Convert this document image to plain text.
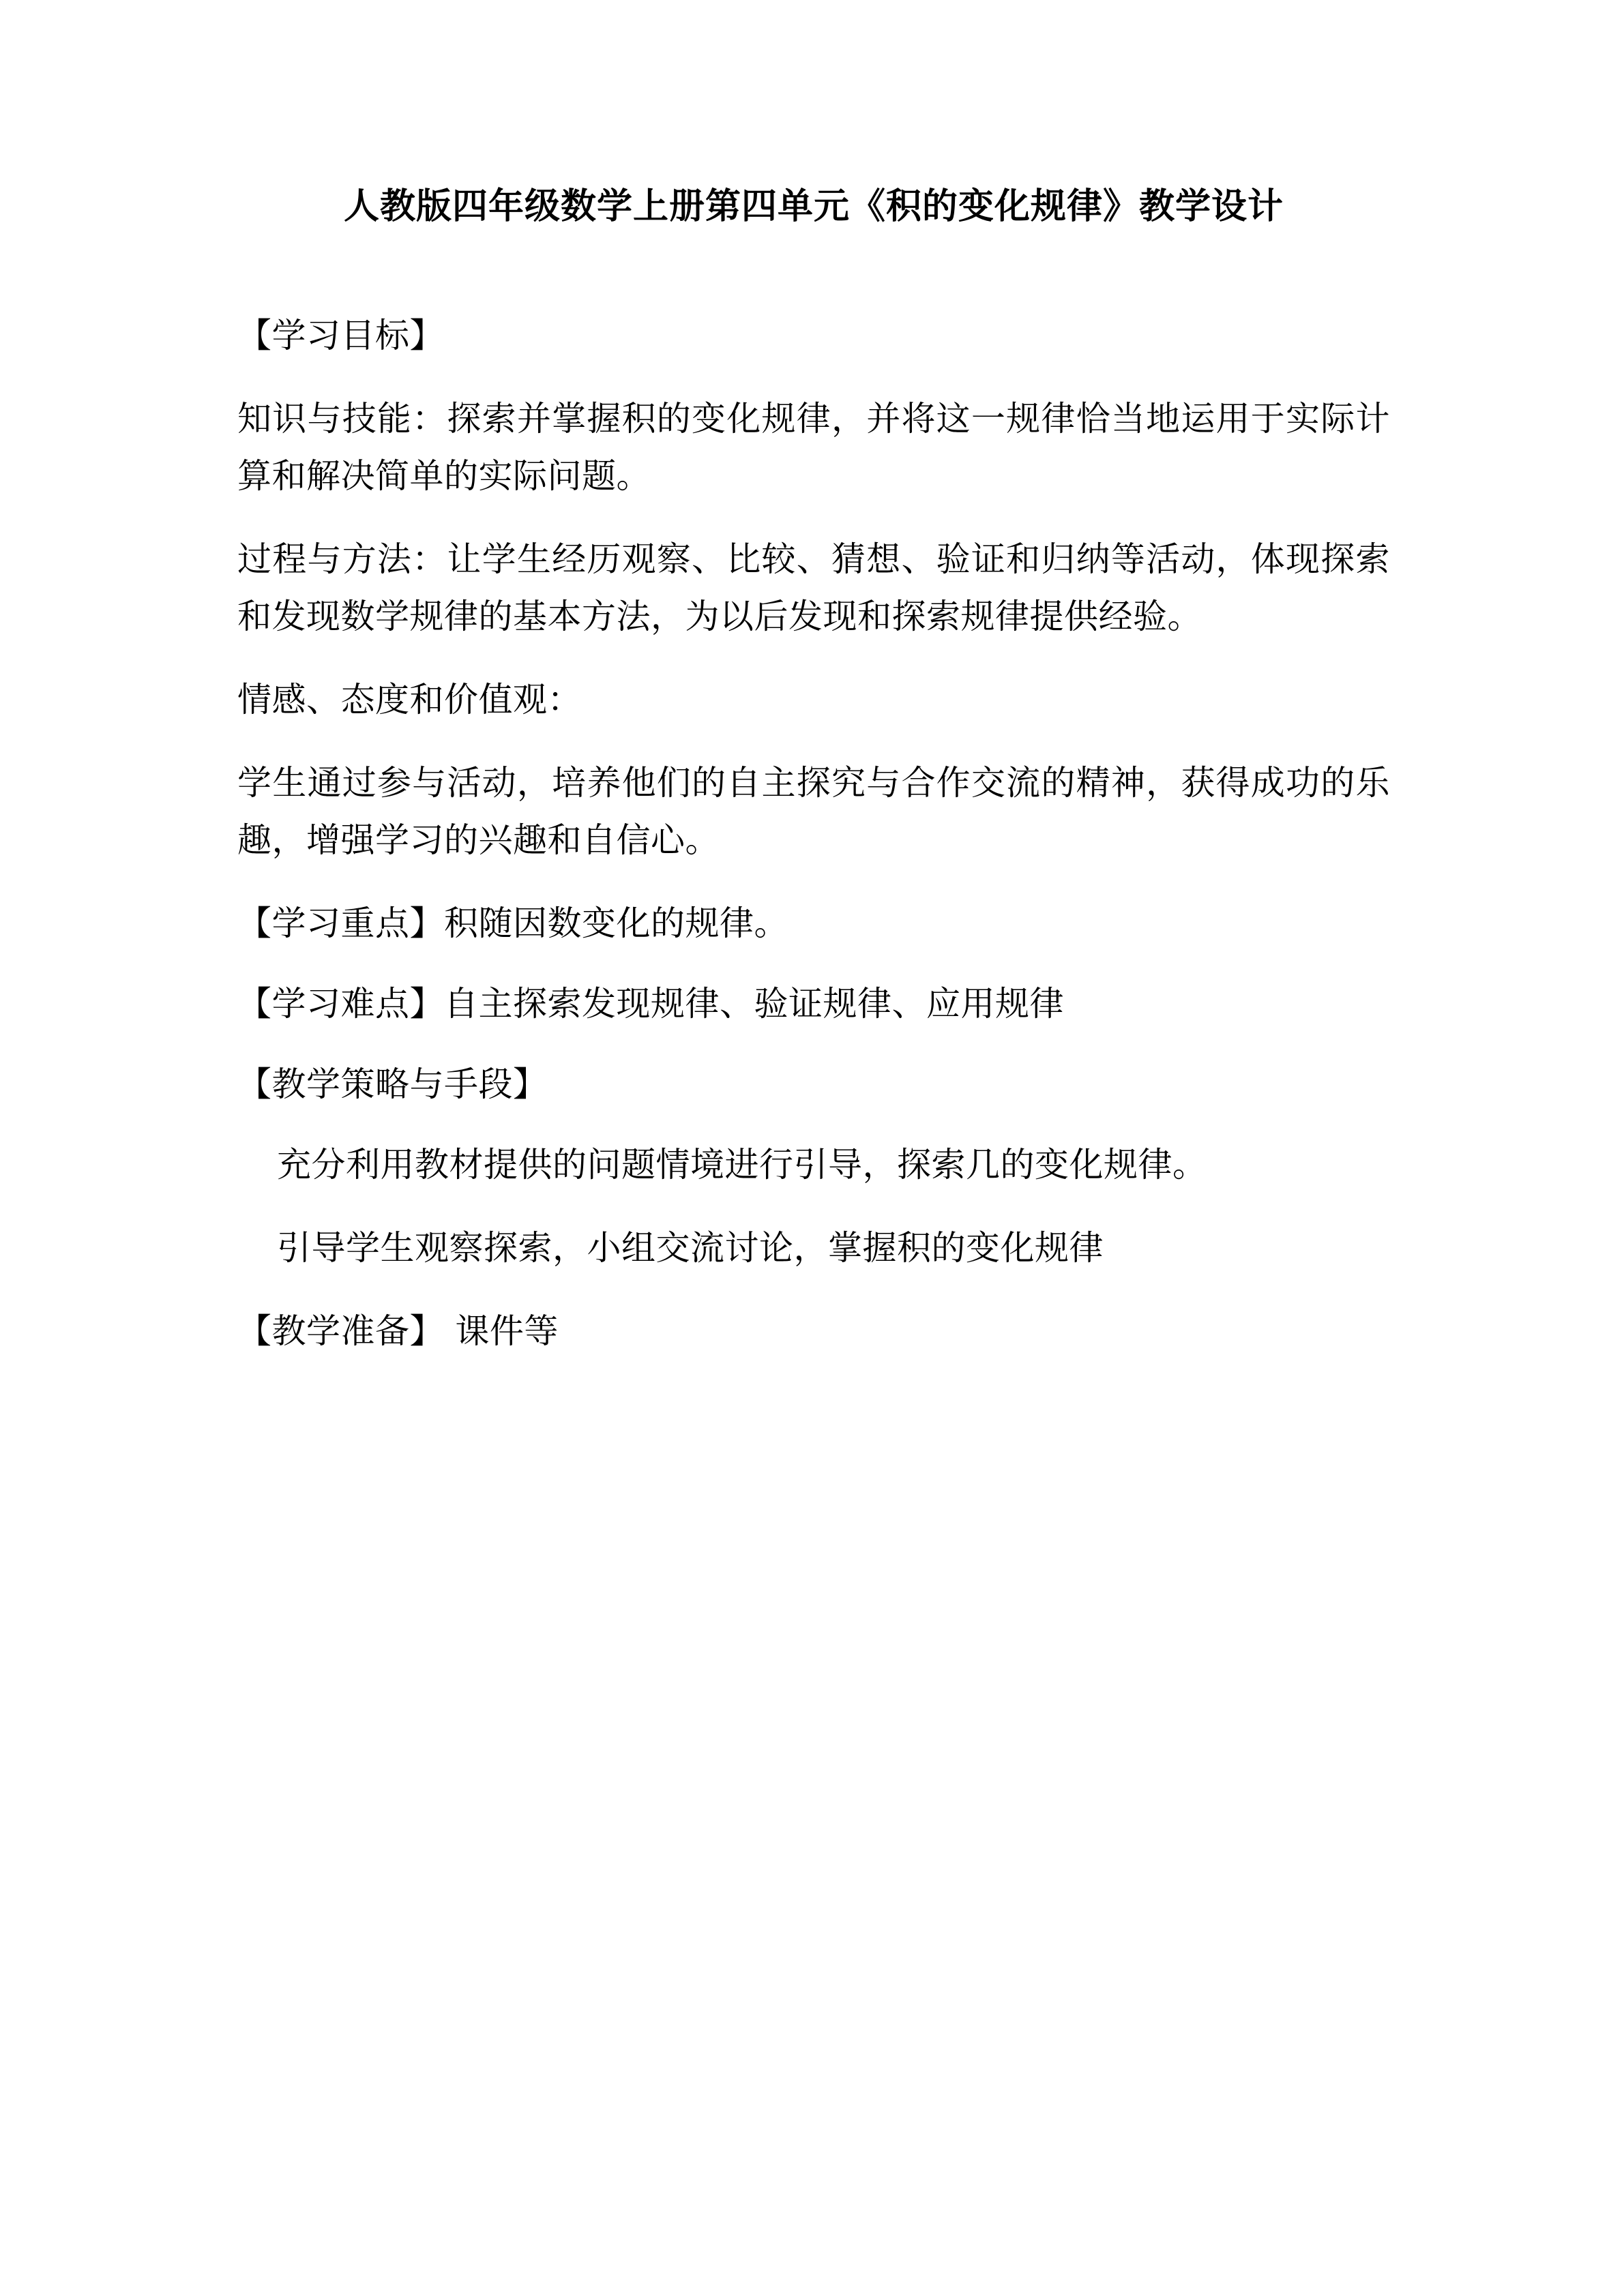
人教版四年级数学上册第四单元《积的变化规律》教学设计

【学习目标】

知识与技能：探索并掌握积的变化规律，并将这一规律恰当地运用于实际计算和解决简单的实际问题。

过程与方法：让学生经历观察、比较、猜想、验证和归纳等活动，体现探索和发现数学规律的基本方法，为以后发现和探索规律提供经验。

情感、态度和价值观：

学生通过参与活动，培养他们的自主探究与合作交流的精神，获得成功的乐趣，增强学习的兴趣和自信心。

【学习重点】积随因数变化的规律。

【学习难点】自主探索发现规律、验证规律、应用规律

【教学策略与手段】

充分利用教材提供的问题情境进行引导，探索几的变化规律。

引导学生观察探索，小组交流讨论，掌握积的变化规律

【教学准备】 课件等
